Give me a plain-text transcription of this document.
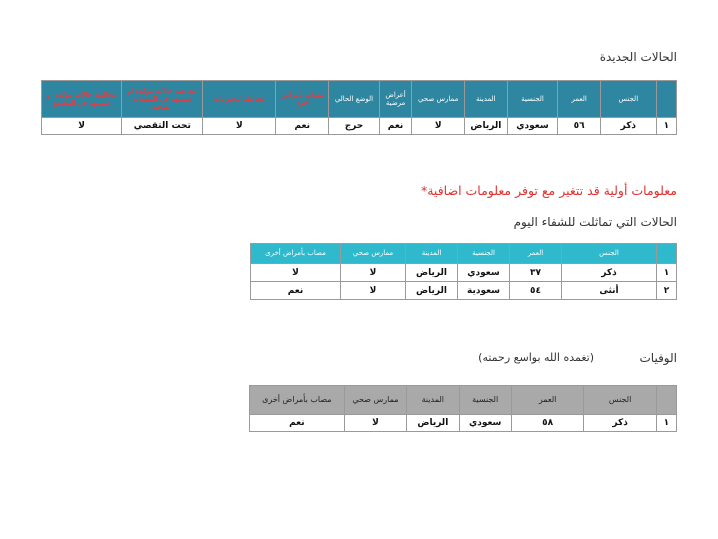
الحالات الجديدة
	الجنس	العمر	الجنسية	المدينة	ممارس صحي	أعراض مرضية	الوضع الحالي	مصاب بأمراض أخرى	مخالطة للحيوانات	مخالطة حالات مؤكدة او مشتبهة في المنشآت الصحية	مخالطة حالات مؤكدة او مشتبهة في المجتمع
١	ذكر	٥٦	سعودي	الرياض	لا	نعم	حرج	نعم	لا	تحت التقصي	لا
معلومات أولية قد تتغير مع توفر معلومات اضافية*
الحالات التي تماثلت للشفاء اليوم
	الجنس	العمر	الجنسية	المدينة	ممارس صحي	مصاب بأمراض أخرى
١	ذكر	٣٧	سعودي	الرياض	لا	لا
٢	أنثى	٥٤	سعودية	الرياض	لا	نعم
الوفيات
(تغمده الله بواسع رحمته)
	الجنس	العمر	الجنسية	المدينة	ممارس صحي	مصاب بأمراض أخرى
١	ذكر	٥٨	سعودي	الرياض	لا	نعم
